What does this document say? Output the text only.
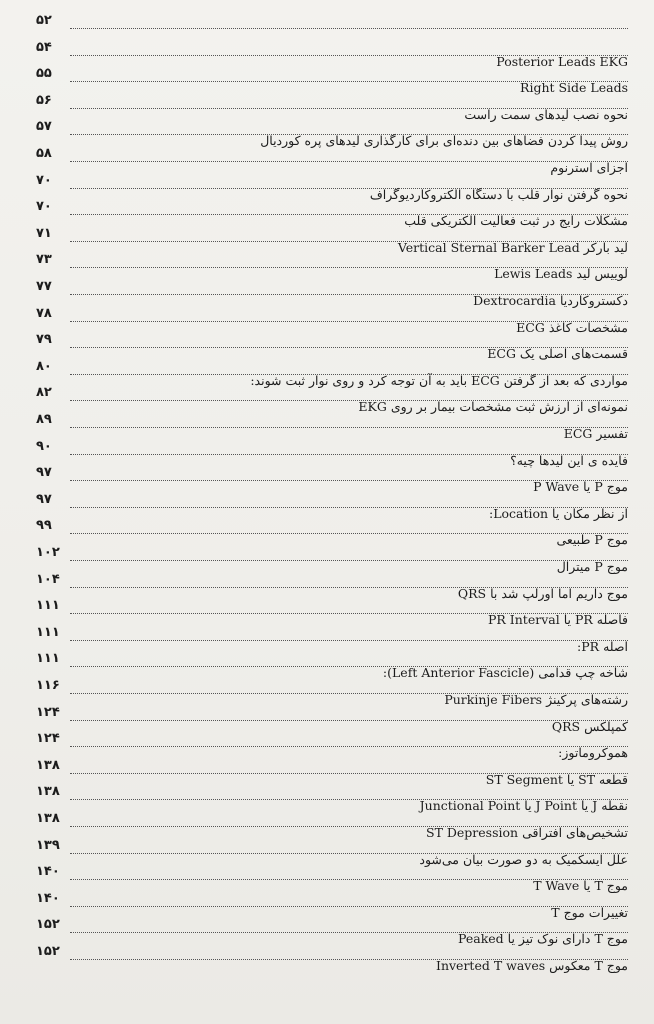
۵۲
۵۴
Posterior Leads EKG
۵۵
Right Side Leads
۵۶
نحوه نصب لیدهای سمت راست
۵۷
روش پیدا کردن فضاهای بین دنده‌ای برای کارگذاری لیدهای پره کوردیال
۵۸
اجزای استرنوم
۷۰
نحوه گرفتن نوار قلب با دستگاه الکتروکاردیوگراف
۷۰
مشکلات رایج در ثبت فعالیت الکتریکی قلب
۷۱
لید بارکر Vertical Sternal Barker Lead
۷۳
لوییس لید Lewis Leads
۷۷
دکستروکاردیا Dextrocardia
۷۸
مشخصات کاغذ ECG
۷۹
قسمت‌های اصلی یک ECG
۸۰
مواردی که بعد از گرفتن ECG باید به آن توجه کرد و روی نوار ثبت شوند:
۸۲
نمونه‌ای از ارزش ثبت مشخصات بیمار بر روی EKG
۸۹
تفسیر ECG
۹۰
فایده ی این لیدها چیه؟
۹۷
موج P یا P Wave
۹۷
از نظر مکان یا Location:
۹۹
موج P طبیعی
۱۰۲
موج P میترال
۱۰۴
موج داریم اما اورلپ شد با QRS
۱۱۱
فاصله PR یا PR Interval
۱۱۱
اصله PR:
۱۱۱
شاخه چپ قدامی (Left Anterior Fascicle):
۱۱۶
رشته‌های پرکینژ Purkinje Fibers
۱۲۴
کمپلکس QRS
۱۲۴
هموکروماتوز:
۱۳۸
قطعه ST یا ST Segment
۱۳۸
نقطه J یا J Point یا Junctional Point
۱۳۸
تشخیص‌های افتراقی ST Depression
۱۳۹
علل ایسکمیک به دو صورت بیان می‌شود
۱۴۰
موج T یا T Wave
۱۴۰
تغییرات موج T
۱۵۲
موج T دارای نوک تیز یا Peaked
۱۵۲
موج T معکوس Inverted T waves
